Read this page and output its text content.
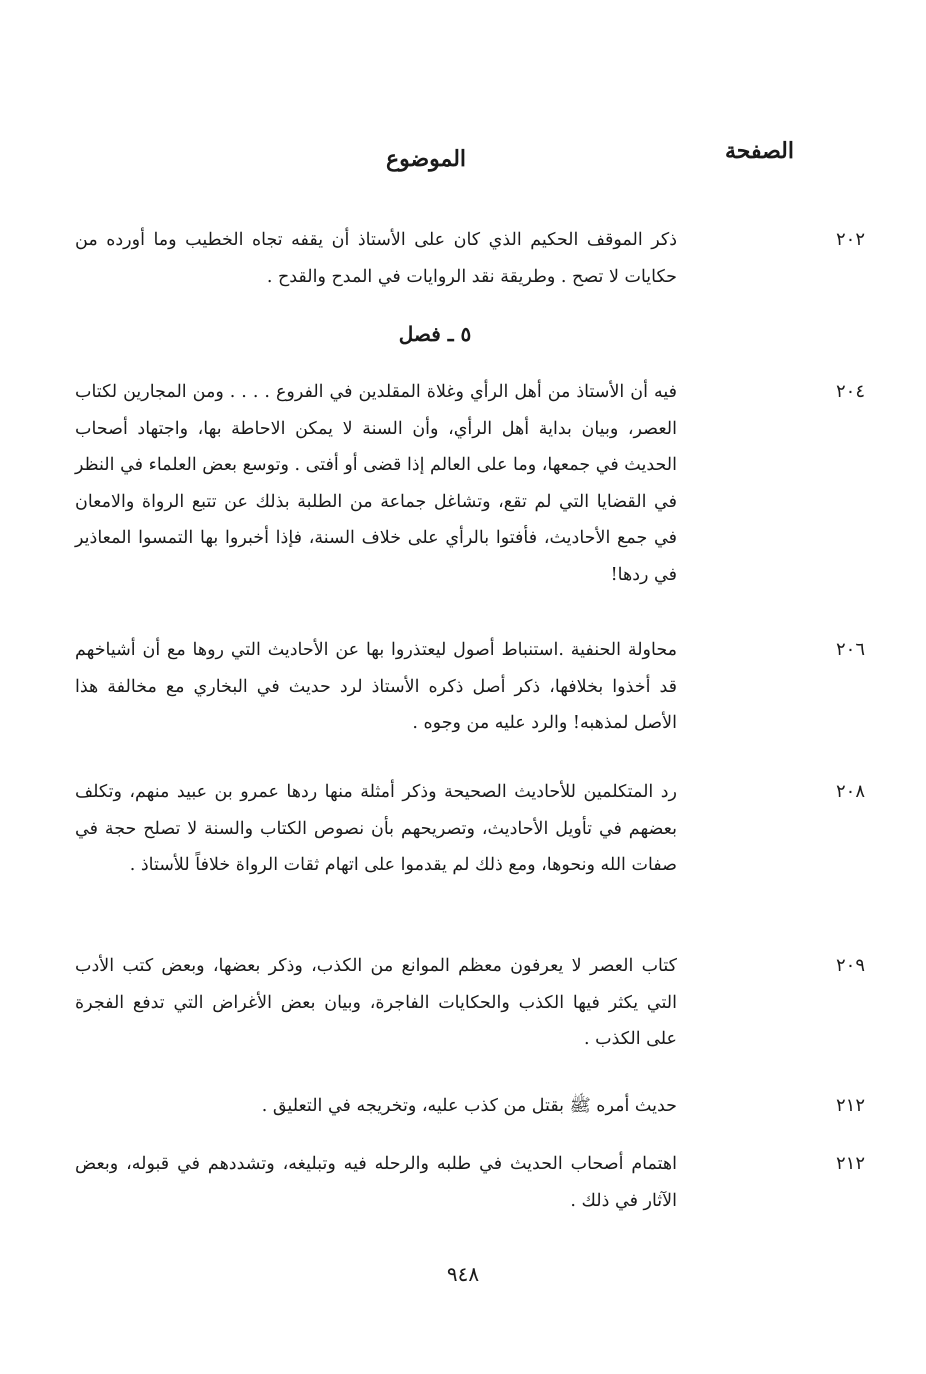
الصفحة
الموضوع
٢٠٢
ذكر الموقف الحكيم الذي كان على الأستاذ أن يقفه تجاه الخطيب وما أورده من حكايات لا تصح . وطريقة نقد الروايات في المدح والقدح .
٥ ـ فصل
٢٠٤
فيه أن الأستاذ من أهل الرأي وغلاة المقلدين في الفروع . . . . ومن المجارين لكتاب العصر، وبيان بداية أهل الرأي، وأن السنة لا يمكن الاحاطة بها، واجتهاد أصحاب الحديث في جمعها، وما على العالم إذا قضى أو أفتى . وتوسع بعض العلماء في النظر في القضايا التي لم تقع، وتشاغل جماعة من الطلبة بذلك عن تتبع الرواة والامعان في جمع الأحاديث، فأفتوا بالرأي على خلاف السنة، فإذا أخبروا بها التمسوا المعاذير في ردها!
٢٠٦
محاولة الحنفية .استنباط أصول ليعتذروا بها عن الأحاديث التي روها مع أن أشياخهم قد أخذوا بخلافها، ذكر أصل ذكره الأستاذ لرد حديث في البخاري مع مخالفة هذا الأصل لمذهبه! والرد عليه من وجوه .
٢٠٨
رد المتكلمين للأحاديث الصحيحة وذكر أمثلة منها ردها عمرو بن عبيد منهم، وتكلف بعضهم في تأويل الأحاديث، وتصريحهم بأن نصوص الكتاب والسنة لا تصلح حجة في صفات الله ونحوها، ومع ذلك لم يقدموا على اتهام ثقات الرواة خلافاً للأستاذ .
٢٠٩
كتاب العصر لا يعرفون معظم الموانع من الكذب، وذكر بعضها، وبعض كتب الأدب التي يكثر فيها الكذب والحكايات الفاجرة، وبيان بعض الأغراض التي تدفع الفجرة على الكذب .
٢١٢
حديث أمره ﷺ بقتل من كذب عليه، وتخريجه في التعليق .
٢١٢
اهتمام أصحاب الحديث في طلبه والرحله فيه وتبليغه، وتشددهم في قبوله، وبعض الآثار في ذلك .
٩٤٨
